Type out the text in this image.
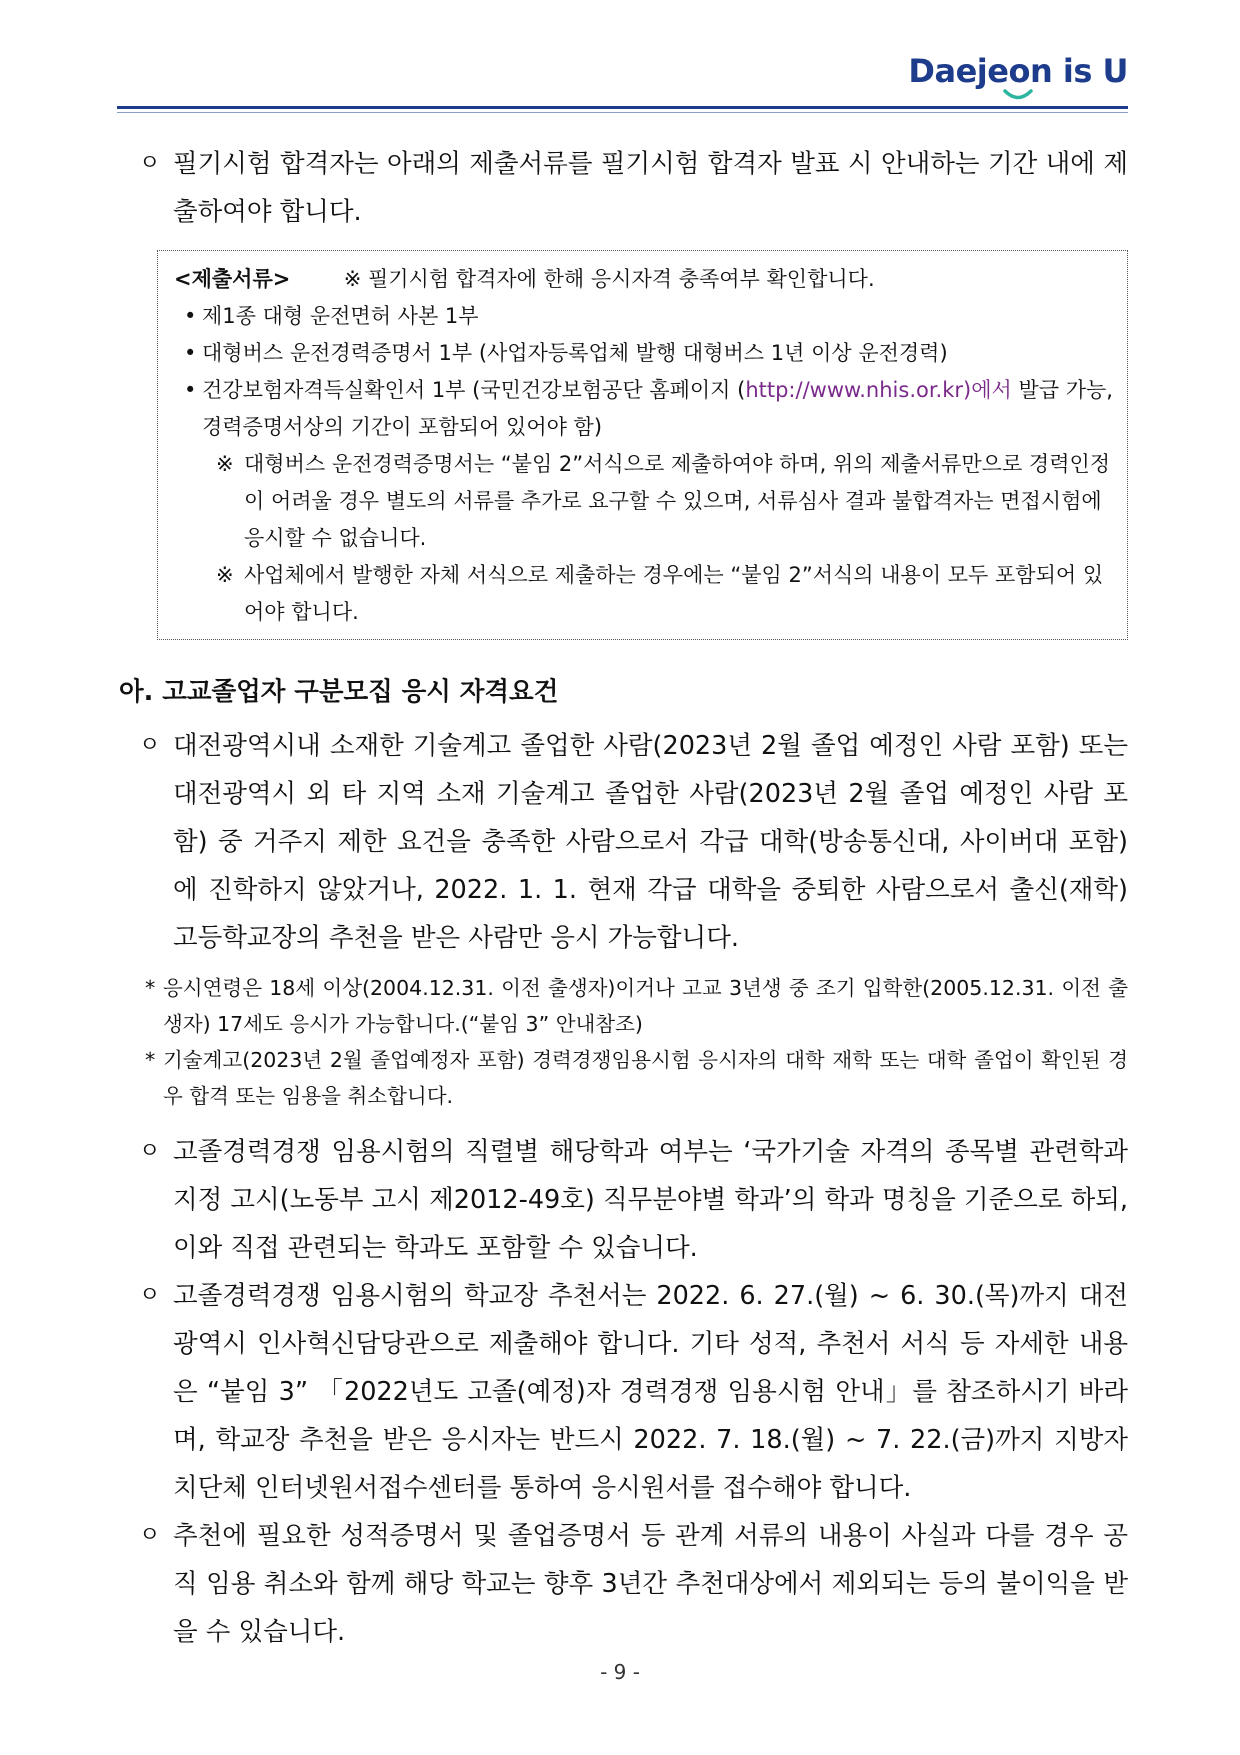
Daejeon is U
ㅇ 필기시험 합격자는 아래의 제출서류를 필기시험 합격자 발표 시 안내하는 기간 내에 제출하여야 합니다.
<제출서류>	※ 필기시험 합격자에 한해 응시자격 충족여부 확인합니다.
• 제1종 대형 운전면허 사본 1부
• 대형버스 운전경력증명서 1부 (사업자등록업체 발행 대형버스 1년 이상 운전경력)
• 건강보험자격득실확인서 1부 (국민건강보험공단 홈페이지 (http://www.nhis.or.kr)에서 발급 가능, 경력증명서상의 기간이 포함되어 있어야 함)
※ 대형버스 운전경력증명서는 “붙임 2”서식으로 제출하여야 하며, 위의 제출서류만으로 경력인정이 어려울 경우 별도의 서류를 추가로 요구할 수 있으며, 서류심사 결과 불합격자는 면접시험에 응시할 수 없습니다.
※ 사업체에서 발행한 자체 서식으로 제출하는 경우에는 “붙임 2”서식의 내용이 모두 포함되어 있어야 합니다.
아. 고교졸업자 구분모집 응시 자격요건
ㅇ 대전광역시내 소재한 기술계고 졸업한 사람(2023년 2월 졸업 예정인 사람 포함) 또는 대전광역시 외 타 지역 소재 기술계고 졸업한 사람(2023년 2월 졸업 예정인 사람 포함) 중 거주지 제한 요건을 충족한 사람으로서 각급 대학(방송통신대, 사이버대 포함)에 진학하지 않았거나, 2022. 1. 1. 현재 각급 대학을 중퇴한 사람으로서 출신(재학) 고등학교장의 추천을 받은 사람만 응시 가능합니다.
* 응시연령은 18세 이상(2004.12.31. 이전 출생자)이거나 고교 3년생 중 조기 입학한(2005.12.31. 이전 출생자) 17세도 응시가 가능합니다.(“붙임 3” 안내참조)
* 기술계고(2023년 2월 졸업예정자 포함) 경력경쟁임용시험 응시자의 대학 재학 또는 대학 졸업이 확인된 경우 합격 또는 임용을 취소합니다.
ㅇ 고졸경력경쟁 임용시험의 직렬별 해당학과 여부는 ‘국가기술 자격의 종목별 관련학과 지정 고시(노동부 고시 제2012-49호) 직무분야별 학과’의 학과 명칭을 기준으로 하되, 이와 직접 관련되는 학과도 포함할 수 있습니다.
ㅇ 고졸경력경쟁 임용시험의 학교장 추천서는 2022. 6. 27.(월) ~ 6. 30.(목)까지 대전광역시 인사혁신담당관으로 제출해야 합니다. 기타 성적, 추천서 서식 등 자세한 내용은 “붙임 3” 「2022년도 고졸(예정)자 경력경쟁 임용시험 안내」를 참조하시기 바라며, 학교장 추천을 받은 응시자는 반드시 2022. 7. 18.(월) ~ 7. 22.(금)까지 지방자치단체 인터넷원서접수센터를 통하여 응시원서를 접수해야 합니다.
ㅇ 추천에 필요한 성적증명서 및 졸업증명서 등 관계 서류의 내용이 사실과 다를 경우 공직 임용 취소와 함께 해당 학교는 향후 3년간 추천대상에서 제외되는 등의 불이익을 받을 수 있습니다.
- 9 -
